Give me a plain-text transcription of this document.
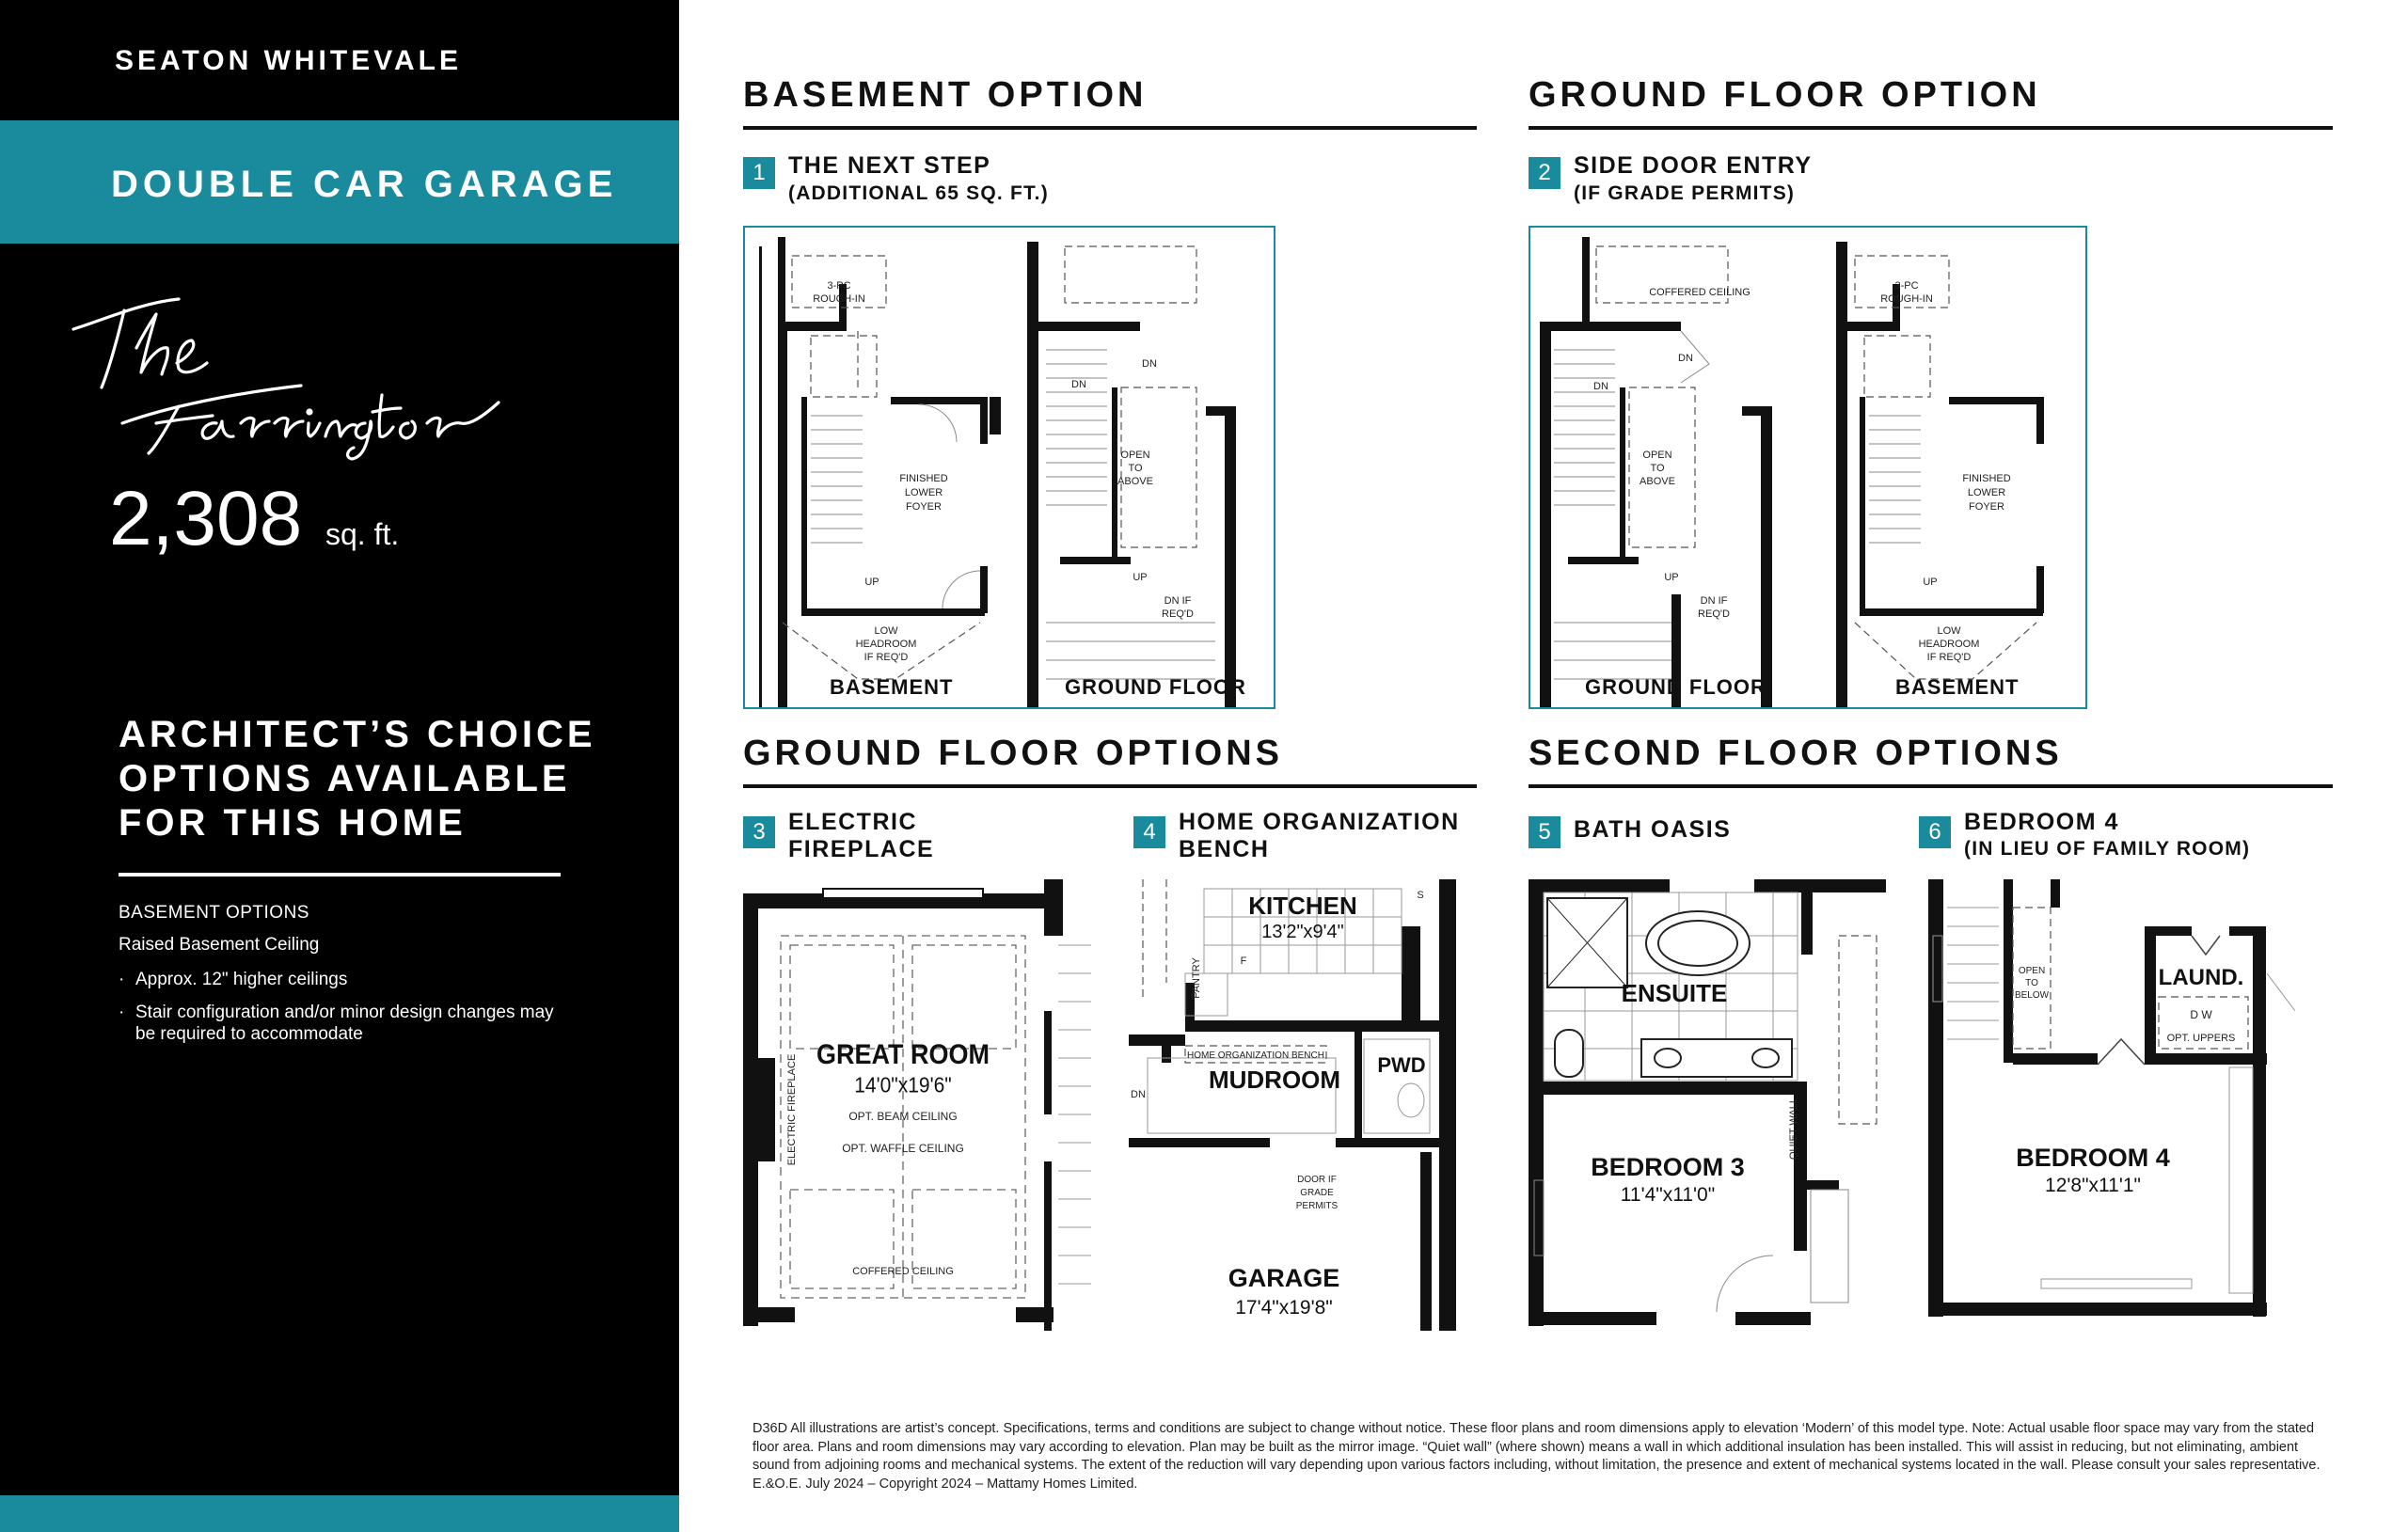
SEATON WHITEVALE
DOUBLE CAR GARAGE
2,308 sq. ft.
ARCHITECT’S CHOICE
OPTIONS AVAILABLE
FOR THIS HOME
BASEMENT OPTIONS
Raised Basement Ceiling
· Approx. 12" higher ceilings
· Stair configuration and/or minor design changes may be required to accommodate
BASEMENT OPTION
1 THE NEXT STEP
(ADDITIONAL 65 SQ. FT.)
3-PC
ROUGH-IN
FINISHED
LOWER
FOYER
UP
LOW
HEADROOM
IF REQ'D
DN
DN
OPEN
TO
ABOVE
UP
DN IF
REQ'D
BASEMENT	GROUND FLOOR
GROUND FLOOR OPTION
2 SIDE DOOR ENTRY
(IF GRADE PERMITS)
COFFERED CEILING
3-PC
ROUGH-IN
DN
DN
OPEN
TO
ABOVE
UP
DN IF
REQ'D
FINISHED
LOWER
FOYER
UP
LOW
HEADROOM
IF REQ'D
GROUND FLOOR	BASEMENT
GROUND FLOOR OPTIONS
3 ELECTRIC
FIREPLACE
4 HOME ORGANIZATION
BENCH
GREAT ROOM
14'0"x19'6"
OPT. BEAM CEILING
OPT. WAFFLE CEILING
COFFERED CEILING
ELECTRIC FIREPLACE
KITCHEN
13'2"x9'4"
PANTRY	F
S
HOME ORGANIZATION BENCH
MUDROOM
PWD
DN
DOOR IF
GRADE
PERMITS
GARAGE
17'4"x19'8"
SECOND FLOOR OPTIONS
5 BATH OASIS	6 BEDROOM 4
(IN LIEU OF FAMILY ROOM)
ENSUITE
BEDROOM 3
11'4"x11'0"
QUIET WALL
OPEN
TO
BELOW
LAUND.
D W
OPT. UPPERS
BEDROOM 4
12'8"x11'1"
D36D All illustrations are artist’s concept. Specifications, terms and conditions are subject to change without notice. These floor plans and room dimensions apply to elevation ‘Modern’ of this model type. Note: Actual usable floor space may vary from the stated floor area. Plans and room dimensions may vary according to elevation. Plan may be built as the mirror image. “Quiet wall” (where shown) means a wall in which additional insulation has been installed. This will assist in reducing, but not eliminating, ambient sound from adjoining rooms and mechanical systems. The extent of the reduction will vary depending upon various factors including, without limitation, the presence and extent of mechanical systems located in the wall. Please consult your sales representative. E.&O.E. July 2024 – Copyright 2024 – Mattamy Homes Limited.
